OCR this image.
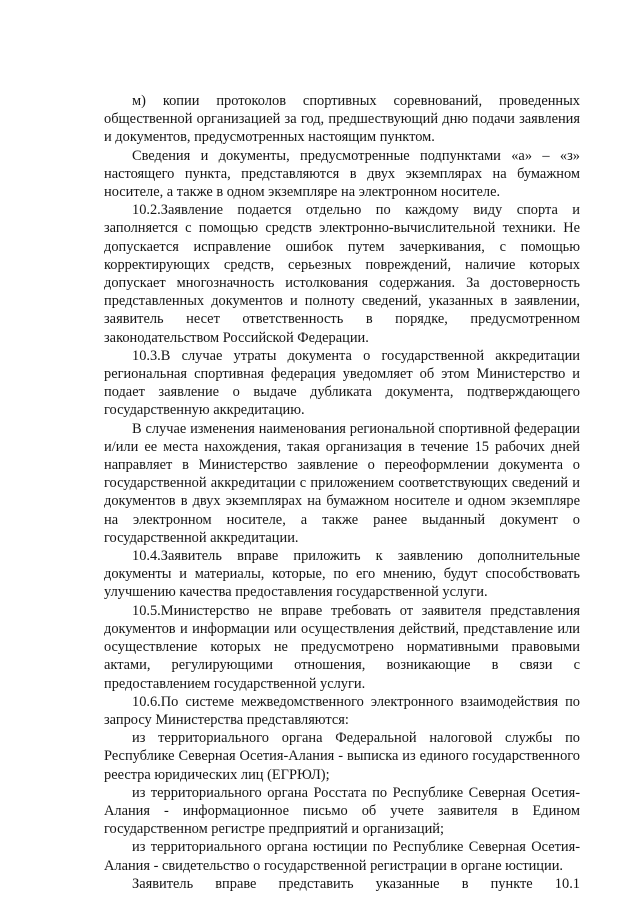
м) копии протоколов спортивных соревнований, проведенных общественной организацией за год, предшествующий дню подачи заявления и документов, предусмотренных настоящим пунктом.

Сведения и документы, предусмотренные подпунктами «а» – «з» настоящего пункта, представляются в двух экземплярах на бумажном носителе, а также в одном экземпляре на электронном носителе.

10.2.Заявление подается отдельно по каждому виду спорта и заполняется с помощью средств электронно-вычислительной техники. Не допускается исправление ошибок путем зачеркивания, с помощью корректирующих средств, серьезных повреждений, наличие которых допускает многозначность истолкования содержания. За достоверность представленных документов и полноту сведений, указанных в заявлении, заявитель несет ответственность в порядке, предусмотренном законодательством Российской Федерации.

10.3.В случае утраты документа о государственной аккредитации региональная спортивная федерация уведомляет об этом Министерство и подает заявление о выдаче дубликата документа, подтверждающего государственную аккредитацию.

В случае изменения наименования региональной спортивной федерации и/или ее места нахождения, такая организация в течение 15 рабочих дней направляет в Министерство заявление о переоформлении документа о государственной аккредитации с приложением соответствующих сведений и документов в двух экземплярах на бумажном носителе и одном экземпляре на электронном носителе, а также ранее выданный документ о государственной аккредитации.

10.4.Заявитель вправе приложить к заявлению дополнительные документы и материалы, которые, по его мнению, будут способствовать улучшению качества предоставления государственной услуги.

10.5.Министерство не вправе требовать от заявителя представления документов и информации или осуществления действий, представление или осуществление которых не предусмотрено нормативными правовыми актами, регулирующими отношения, возникающие в связи с предоставлением государственной услуги.

10.6.По системе межведомственного электронного взаимодействия по запросу Министерства представляются:

из территориального органа Федеральной налоговой службы по Республике Северная Осетия-Алания - выписка из единого государственного реестра юридических лиц (ЕГРЮЛ);

из территориального органа Росстата по Республике Северная Осетия-Алания - информационное письмо об учете заявителя в Едином государственном регистре предприятий и организаций;

из территориального органа юстиции по Республике Северная Осетия-Алания - свидетельство о государственной регистрации в органе юстиции.

Заявитель вправе представить указанные в пункте 10.1
